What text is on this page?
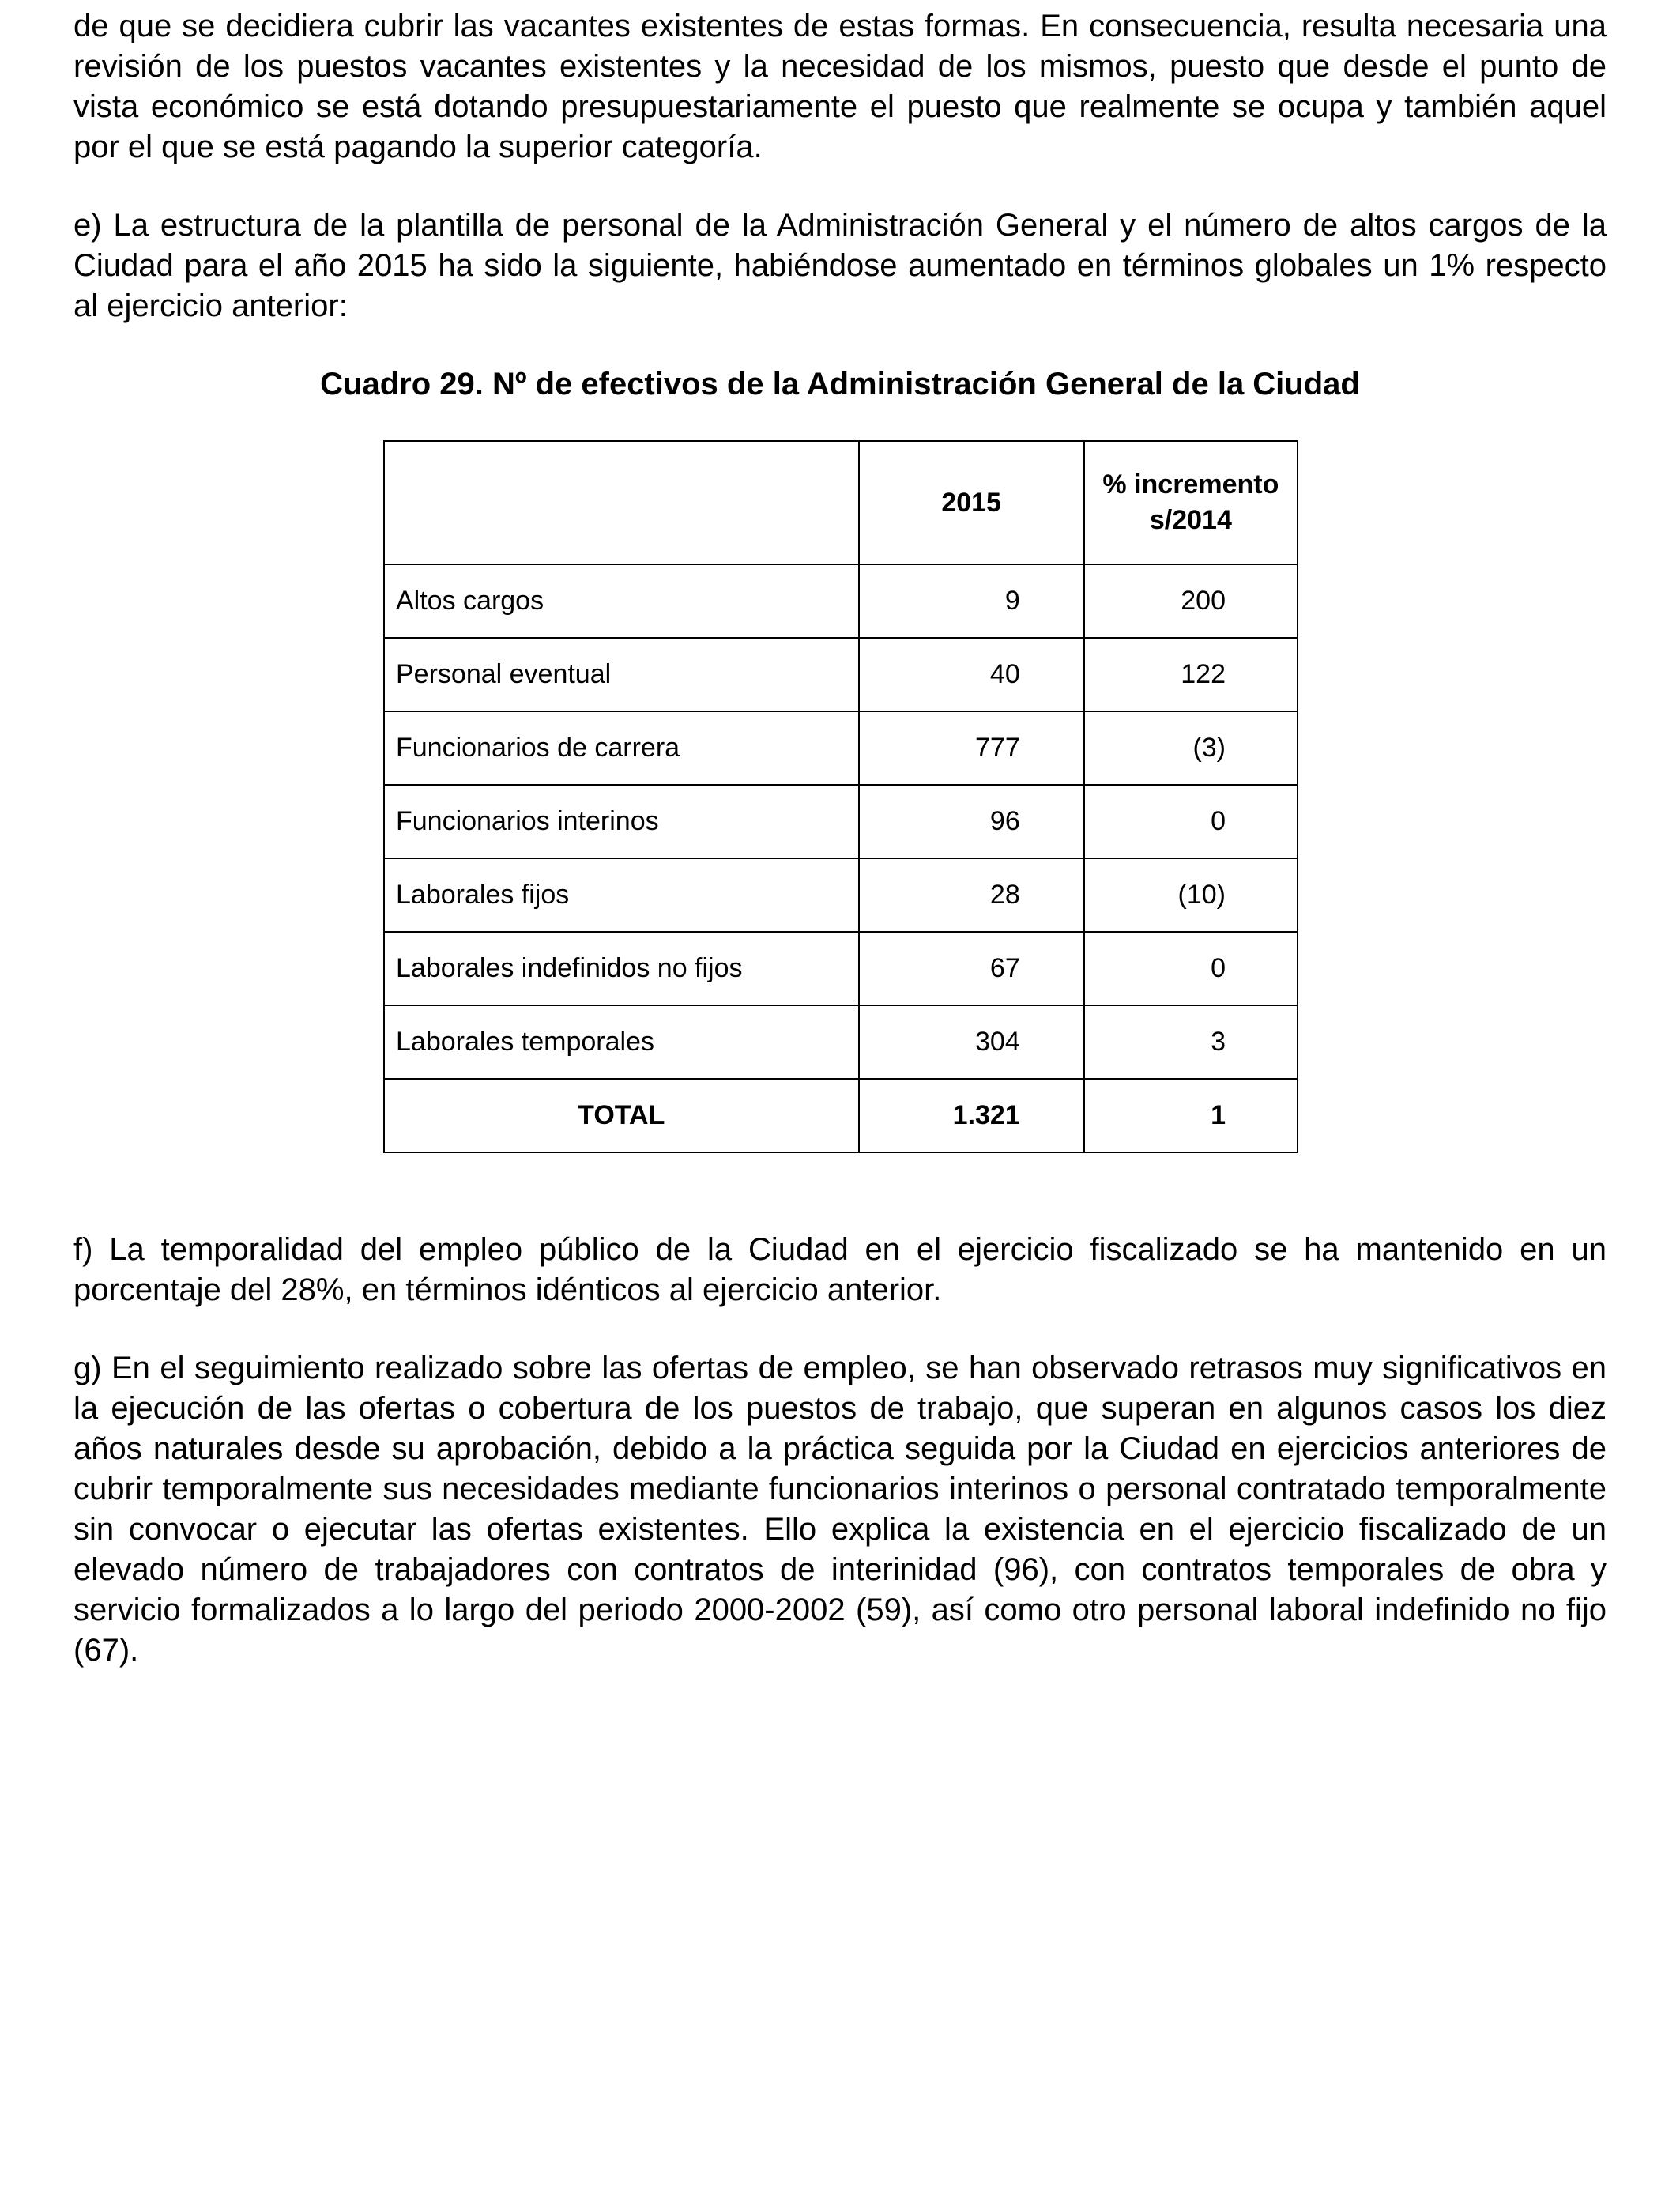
de que se decidiera cubrir las vacantes existentes de estas formas. En consecuencia, resulta necesaria una revisión de los puestos vacantes existentes y la necesidad de los mismos, puesto que desde el punto de vista económico se está dotando presupuestariamente el puesto que realmente se ocupa y también aquel por el que se está pagando la superior categoría.

e) La estructura de la plantilla de personal de la Administración General y el número de altos cargos de la Ciudad para el año 2015 ha sido la siguiente, habiéndose aumentado en términos globales un 1% respecto al ejercicio anterior:

Cuadro 29. Nº de efectivos de la Administración General de la Ciudad

	2015	% incremento s/2014
Altos cargos	9	200
Personal eventual	40	122
Funcionarios de carrera	777	(3)
Funcionarios interinos	96	0
Laborales fijos	28	(10)
Laborales indefinidos no fijos	67	0
Laborales temporales	304	3
TOTAL	1.321	1

f) La temporalidad del empleo público de la Ciudad en el ejercicio fiscalizado se ha mantenido en un porcentaje del 28%, en términos idénticos al ejercicio anterior.

g) En el seguimiento realizado sobre las ofertas de empleo, se han observado retrasos muy significativos en la ejecución de las ofertas o cobertura de los puestos de trabajo, que superan en algunos casos los diez años naturales desde su aprobación, debido a la práctica seguida por la Ciudad en ejercicios anteriores de cubrir temporalmente sus necesidades mediante funcionarios interinos o personal contratado temporalmente sin convocar o ejecutar las ofertas existentes. Ello explica la existencia en el ejercicio fiscalizado de un elevado número de trabajadores con contratos de interinidad (96), con contratos temporales de obra y servicio formalizados a lo largo del periodo 2000-2002 (59), así como otro personal laboral indefinido no fijo (67).
